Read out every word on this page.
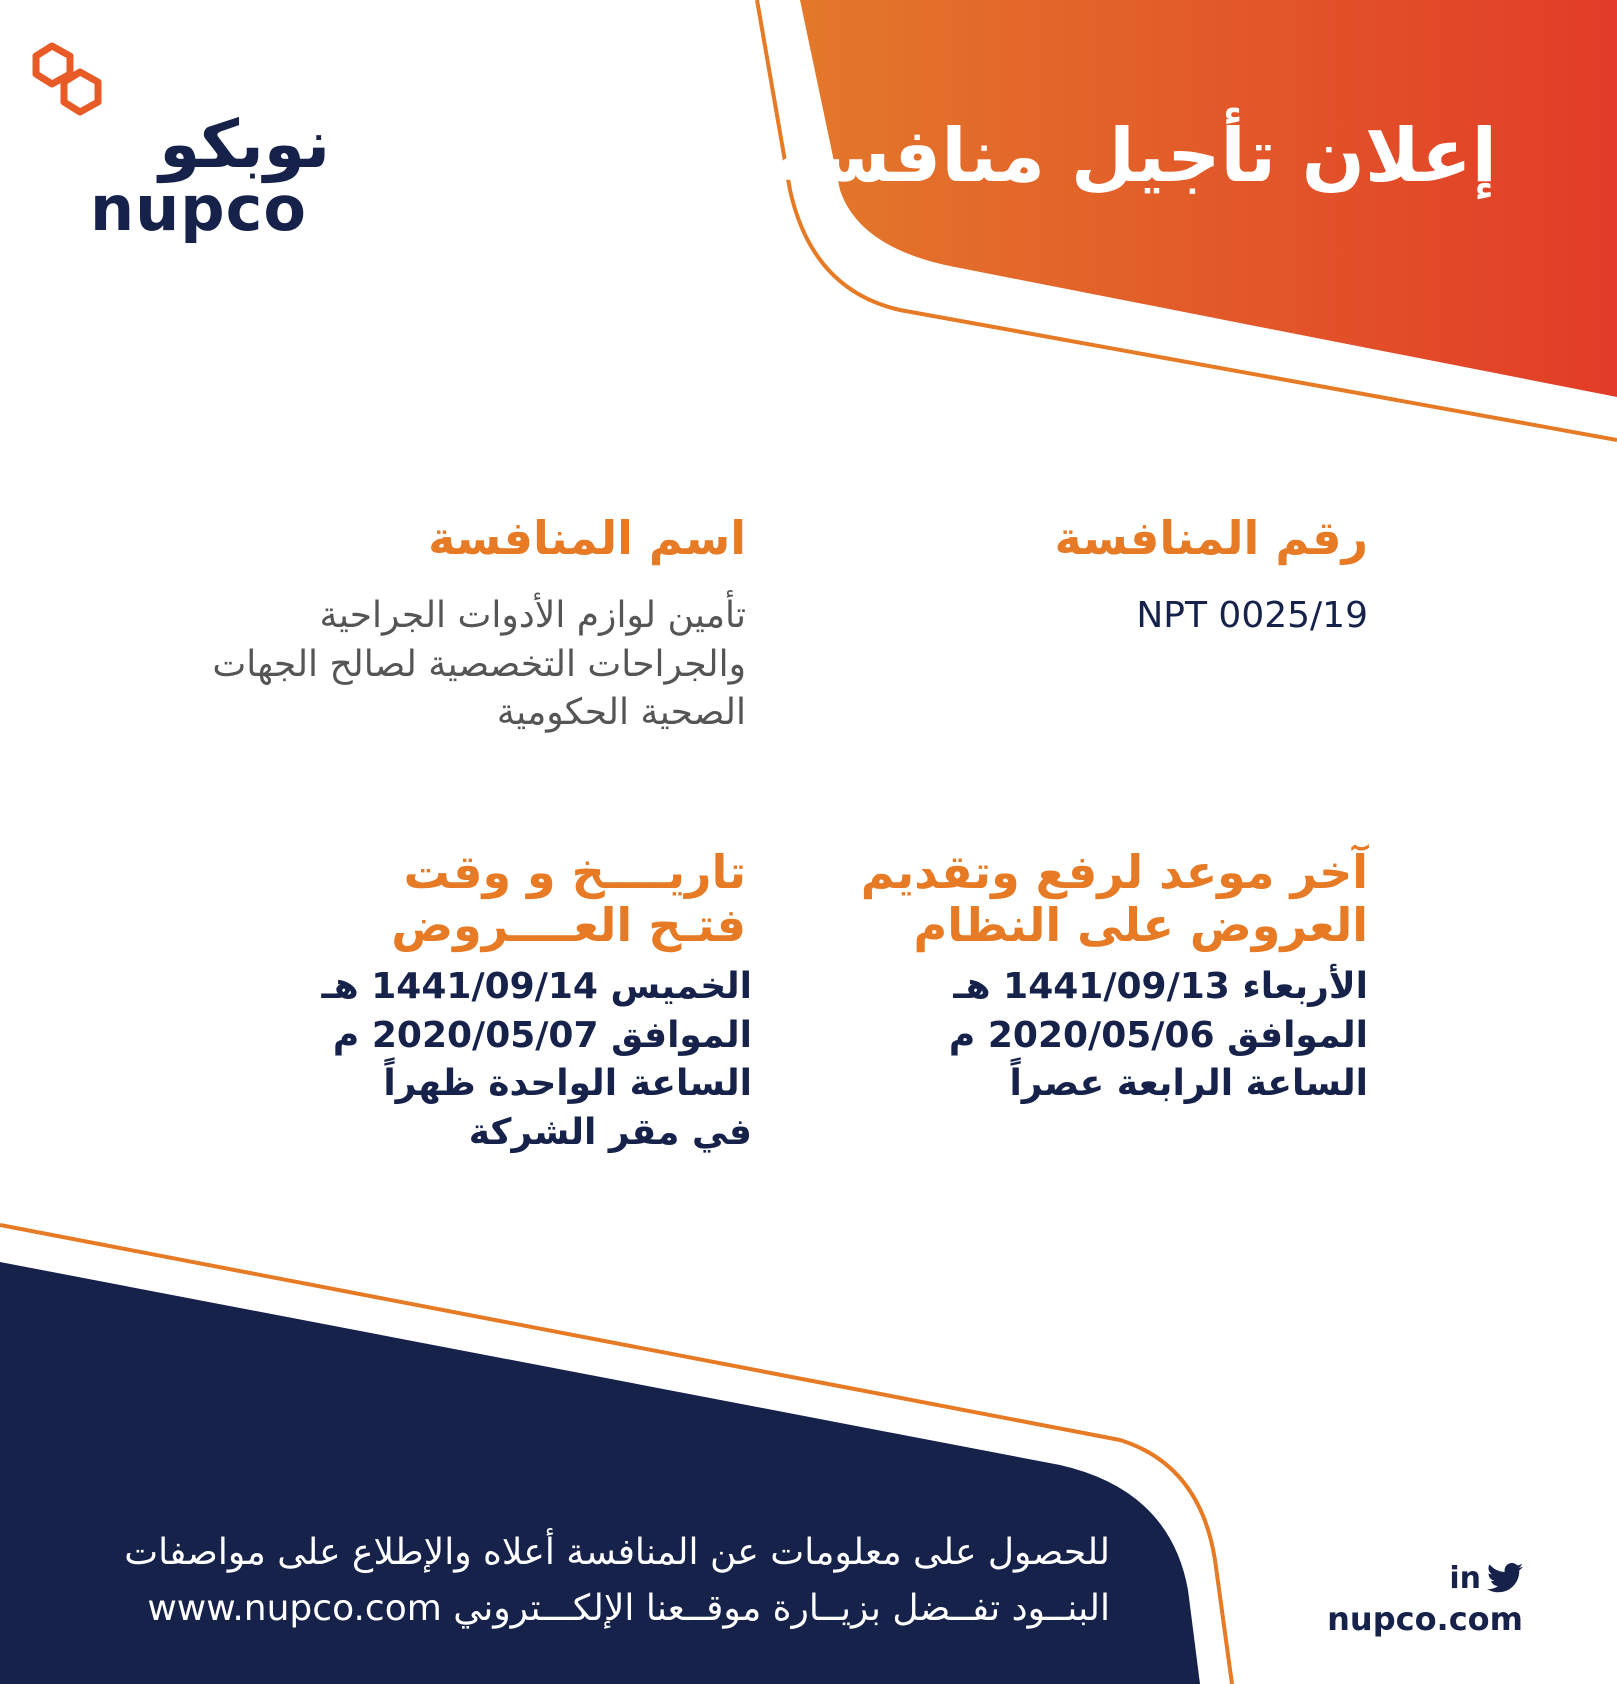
نوبكو
nupco
إعلان تأجيل منافسة
رقم المنافسة
NPT 0025/19
اسم المنافسة
تأمين لوازم الأدوات الجراحية والجراحات التخصصية لصالح الجهات الصحية الحكومية
آخر موعد لرفع وتقديم
العروض على النظام
الأربعاء 1441/09/13 هـ
الموافق 2020/05/06 م
الساعة الرابعة عصراً
تاريــــخ و وقت
فتـح العــــروض
الخميس 1441/09/14 هـ
الموافق 2020/05/07 م
الساعة الواحدة ظهراً
في مقر الشركة
للحصول على معلومات عن المنافسة أعلاه والإطلاع على مواصفات
البنــود تفــضل بزيــارة موقــعنا الإلكـــتروني www.nupco.com
in
nupco.com
